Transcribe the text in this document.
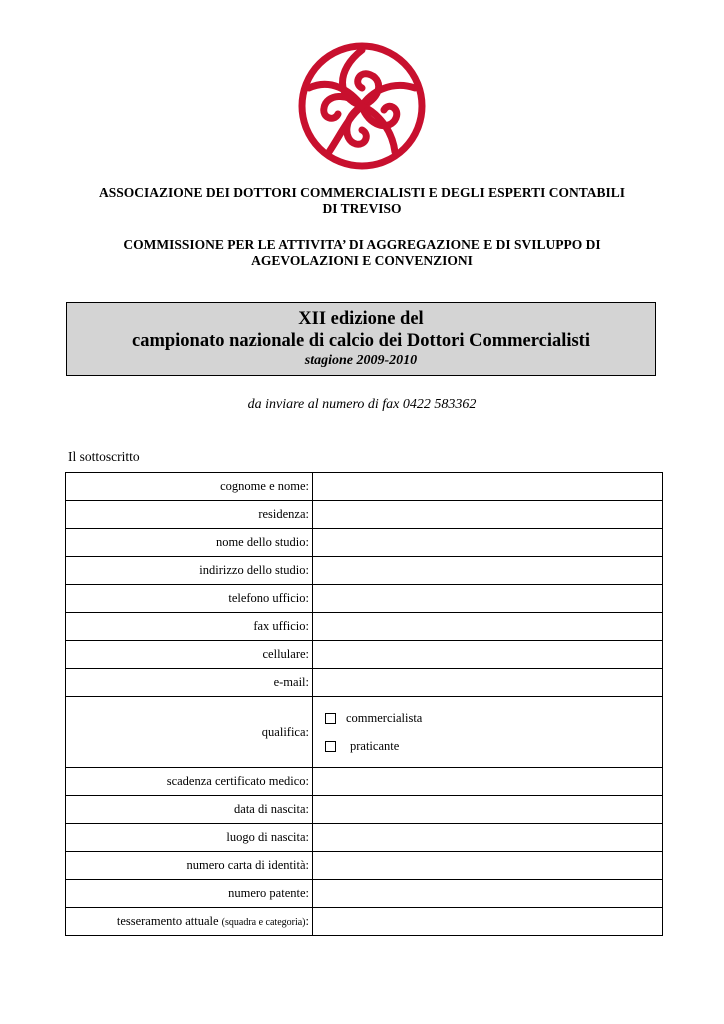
ASSOCIAZIONE DEI DOTTORI COMMERCIALISTI E DEGLI ESPERTI CONTABILI
DI TREVISO
COMMISSIONE PER LE ATTIVITA’ DI AGGREGAZIONE E DI SVILUPPO DI
AGEVOLAZIONI E CONVENZIONI
XII edizione del
campionato nazionale di calcio dei Dottori Commercialisti
stagione 2009-2010
da inviare al numero di fax 0422 583362
Il sottoscritto
cognome e nome:	
residenza:	
nome dello studio:	
indirizzo dello studio:	
telefono ufficio:	
fax ufficio:	
cellulare:	
e-mail:	
qualifica:	commercialista
praticante

scadenza certificato medico:	
data di nascita:	
luogo di nascita:	
numero carta di identità:	
numero patente:	
tesseramento attuale (squadra e categoria):	
